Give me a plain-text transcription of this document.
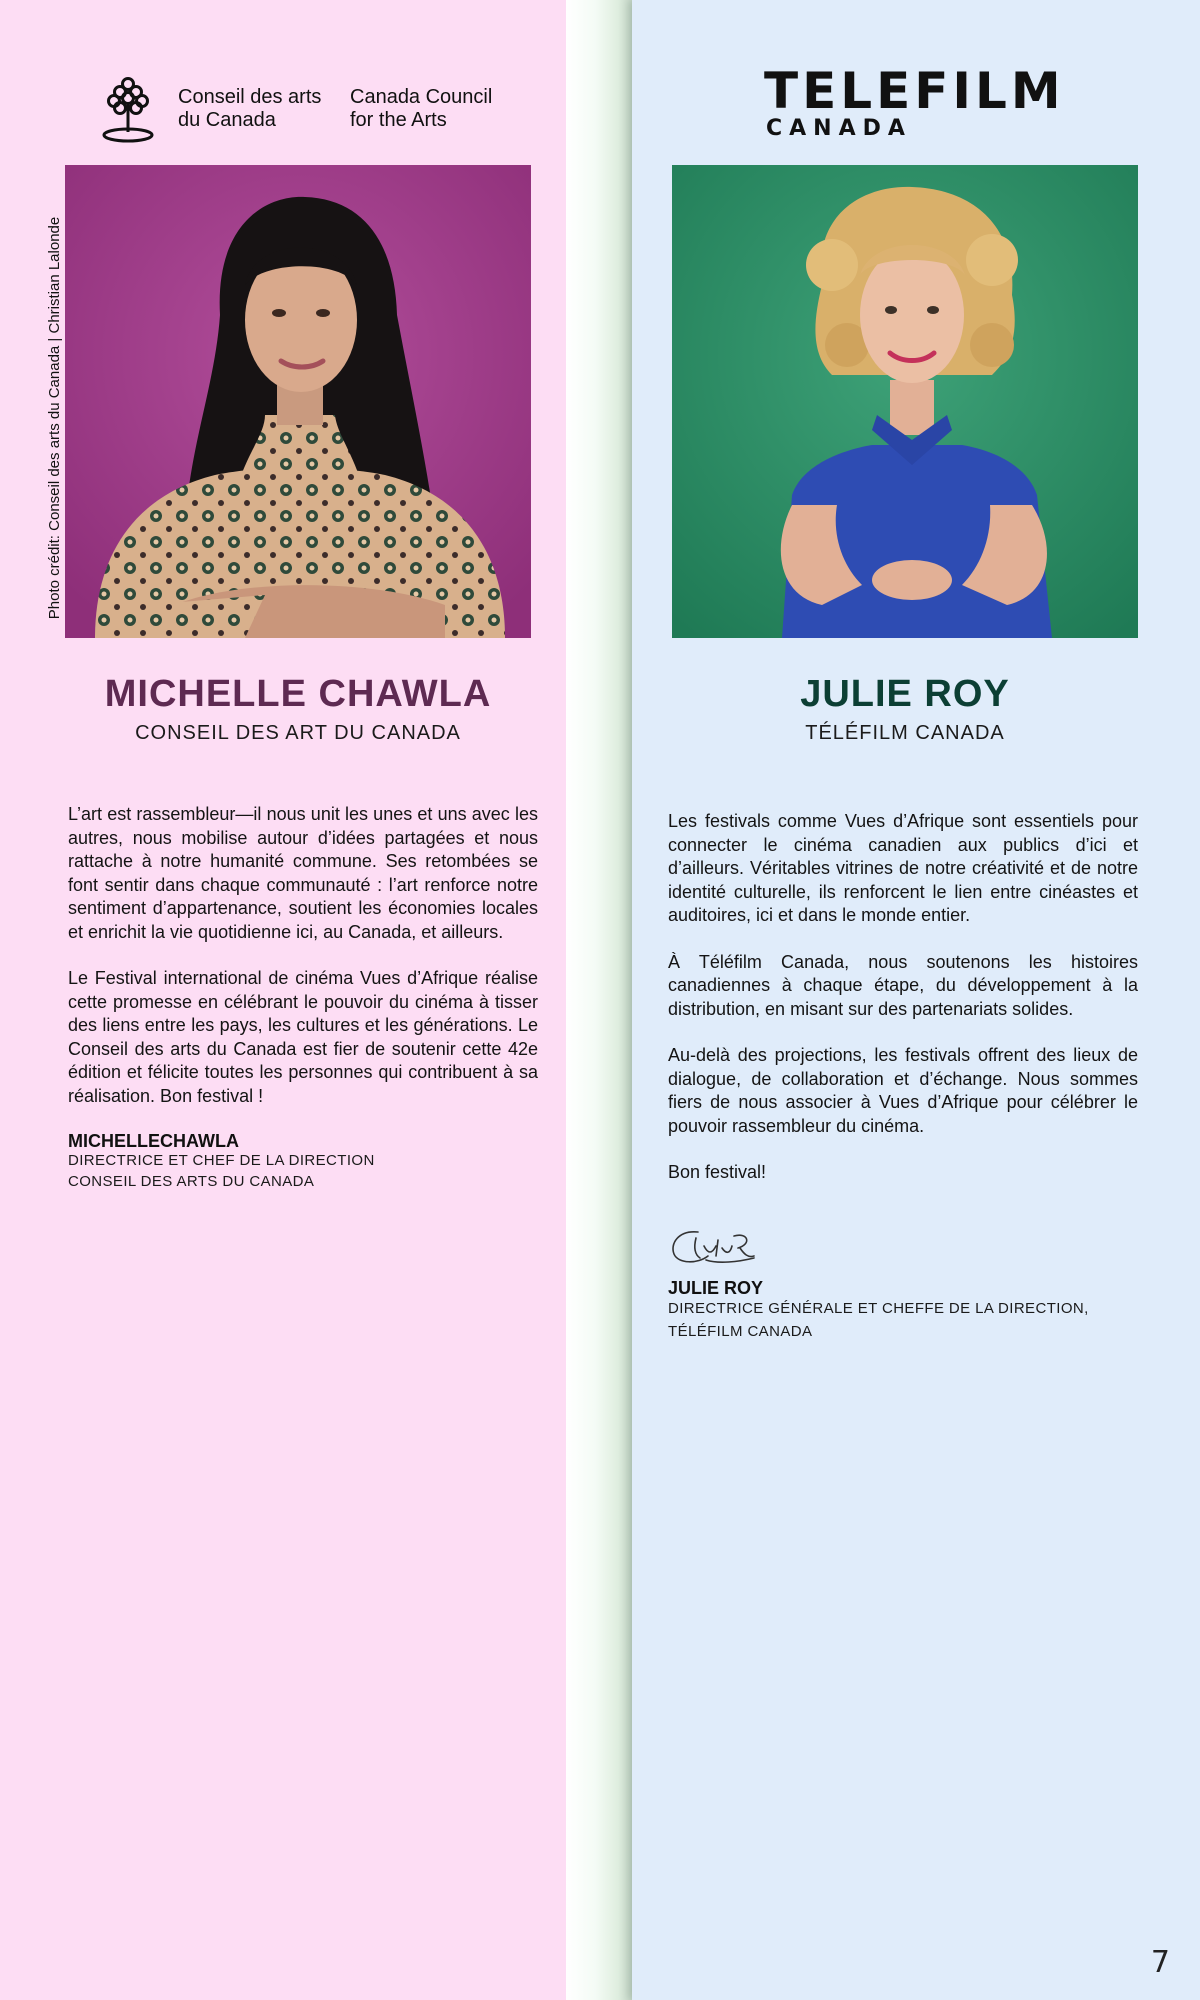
Conseil des arts
du Canada
Canada Council
for the Arts	TELEFILM
CANADA
Photo crédit: Conseil des arts du Canada | Christian Lalonde
MICHELLE CHAWLA
CONSEIL DES ART DU CANADA
JULIE ROY
TÉLÉFILM CANADA

L’art est rassembleur—il nous unit les unes et uns avec les autres, nous mobilise autour d’idées partagées et nous rattache à notre humanité commune. Ses retombées se font sentir dans chaque communauté : l’art renforce notre sentiment d’appartenance, soutient les économies locales et enrichit la vie quotidienne ici, au Canada, et ailleurs.

Le Festival international de cinéma Vues d’Afrique réalise cette promesse en célébrant le pouvoir du cinéma à tisser des liens entre les pays, les cultures et les générations. Le Conseil des arts du Canada est fier de soutenir cette 42e édition et félicite toutes les personnes qui contribuent à sa réalisation. Bon festival !

MICHELLECHAWLA
DIRECTRICE ET CHEF DE LA DIRECTION
CONSEIL DES ARTS DU CANADA

Les festivals comme Vues d’Afrique sont essentiels pour connecter le cinéma canadien aux publics d’ici et d’ailleurs. Véritables vitrines de notre créativité et de notre identité culturelle, ils renforcent le lien entre cinéastes et auditoires, ici et dans le monde entier.

À Téléfilm Canada, nous soutenons les histoires canadiennes à chaque étape, du développement à la distribution, en misant sur des partenariats solides.

Au-delà des projections, les festivals offrent des lieux de dialogue, de collaboration et d’échange. Nous sommes fiers de nous associer à Vues d’Afrique pour célébrer le pouvoir rassembleur du cinéma.

Bon festival!

JULIE ROY
DIRECTRICE GÉNÉRALE ET CHEFFE DE LA DIRECTION,
TÉLÉFILM CANADA
7
